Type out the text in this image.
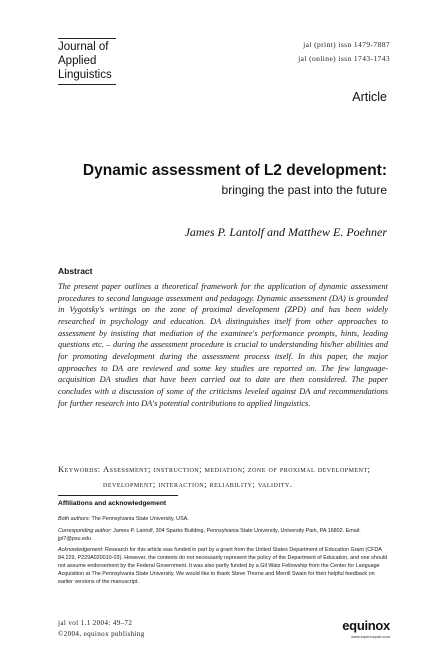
Journal of
Applied
Linguistics
jal (print) issn 1479-7887
jal (online) issn 1743-1743
Article
Dynamic assessment of L2 development:
bringing the past into the future
James P. Lantolf and Matthew E. Poehner
Abstract
The present paper outlines a theoretical framework for the application of dynamic assessment procedures to second language assessment and pedagogy. Dynamic assessment (DA) is grounded in Vygotsky's writings on the zone of proximal development (ZPD) and has been widely researched in psychology and education. DA distinguishes itself from other approaches to assessment by insisting that mediation of the examinee's performance prompts, hints, leading questions etc. – during the assessment procedure is crucial to understanding his/her abilities and for promoting development during the assessment process itself. In this paper, the major approaches to DA are reviewed and some key studies are reported on. The few language-acquisition DA studies that have been carried out to date are then considered. The paper concludes with a discussion of some of the criticisms leveled against DA and recommendations for further research into DA's potential contributions to applied linguistics.
Keywords: Assessment; instruction; mediation; zone of proximal development;
development; interaction; reliability; validity.
Affiliations and acknowledgement

Both authors: The Pennsylvania State University, USA.

Corresponding author: James P. Lantolf, 304 Sparks Building, Pennsylvania State University, University Park, PA 16802. Email: jpl7@psu.edu

Acknowledgement: Research for this article was funded in part by a grant from the United States Department of Education Grant (CFDA 84.229, P229A020010-03). However, the contents do not necessarily represent the policy of the Department of Education, and one should not assume endorsement by the Federal Government. It was also partly funded by a Gil Watz Fellowship from the Center for Language Acquisition at The Pennsylvania State University. We would like to thank Steve Thorne and Merrill Swain for their helpful feedback on earlier versions of the manuscript.

jal vol 1.1 2004: 49–72
©2004, equinox publishing
equinox
www.equinoxpub.com
